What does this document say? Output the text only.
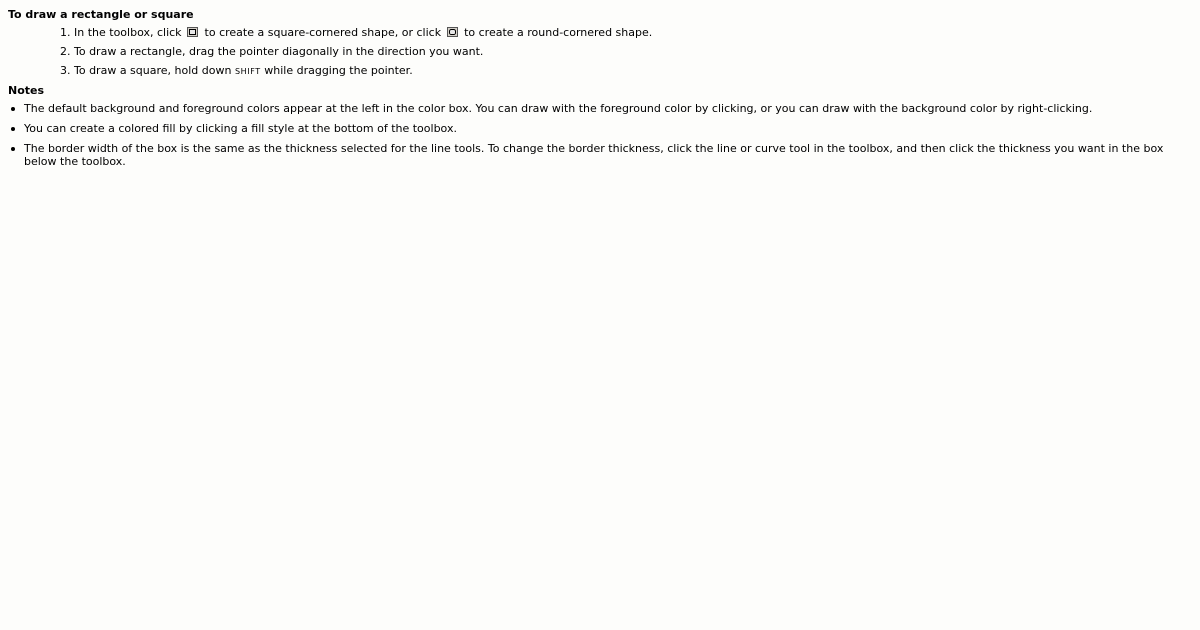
To draw a rectangle or square
1. In the toolbox, click to create a square-cornered shape, or click to create a round-cornered shape.
2. To draw a rectangle, drag the pointer diagonally in the direction you want.
3. To draw a square, hold down SHIFT while dragging the pointer.
Notes
The default background and foreground colors appear at the left in the color box. You can draw with the foreground color by clicking, or you can draw with the background color by right-clicking.
You can create a colored fill by clicking a fill style at the bottom of the toolbox.
The border width of the box is the same as the thickness selected for the line tools. To change the border thickness, click the line or curve tool in the toolbox, and then click the thickness you want in the box below the toolbox.
